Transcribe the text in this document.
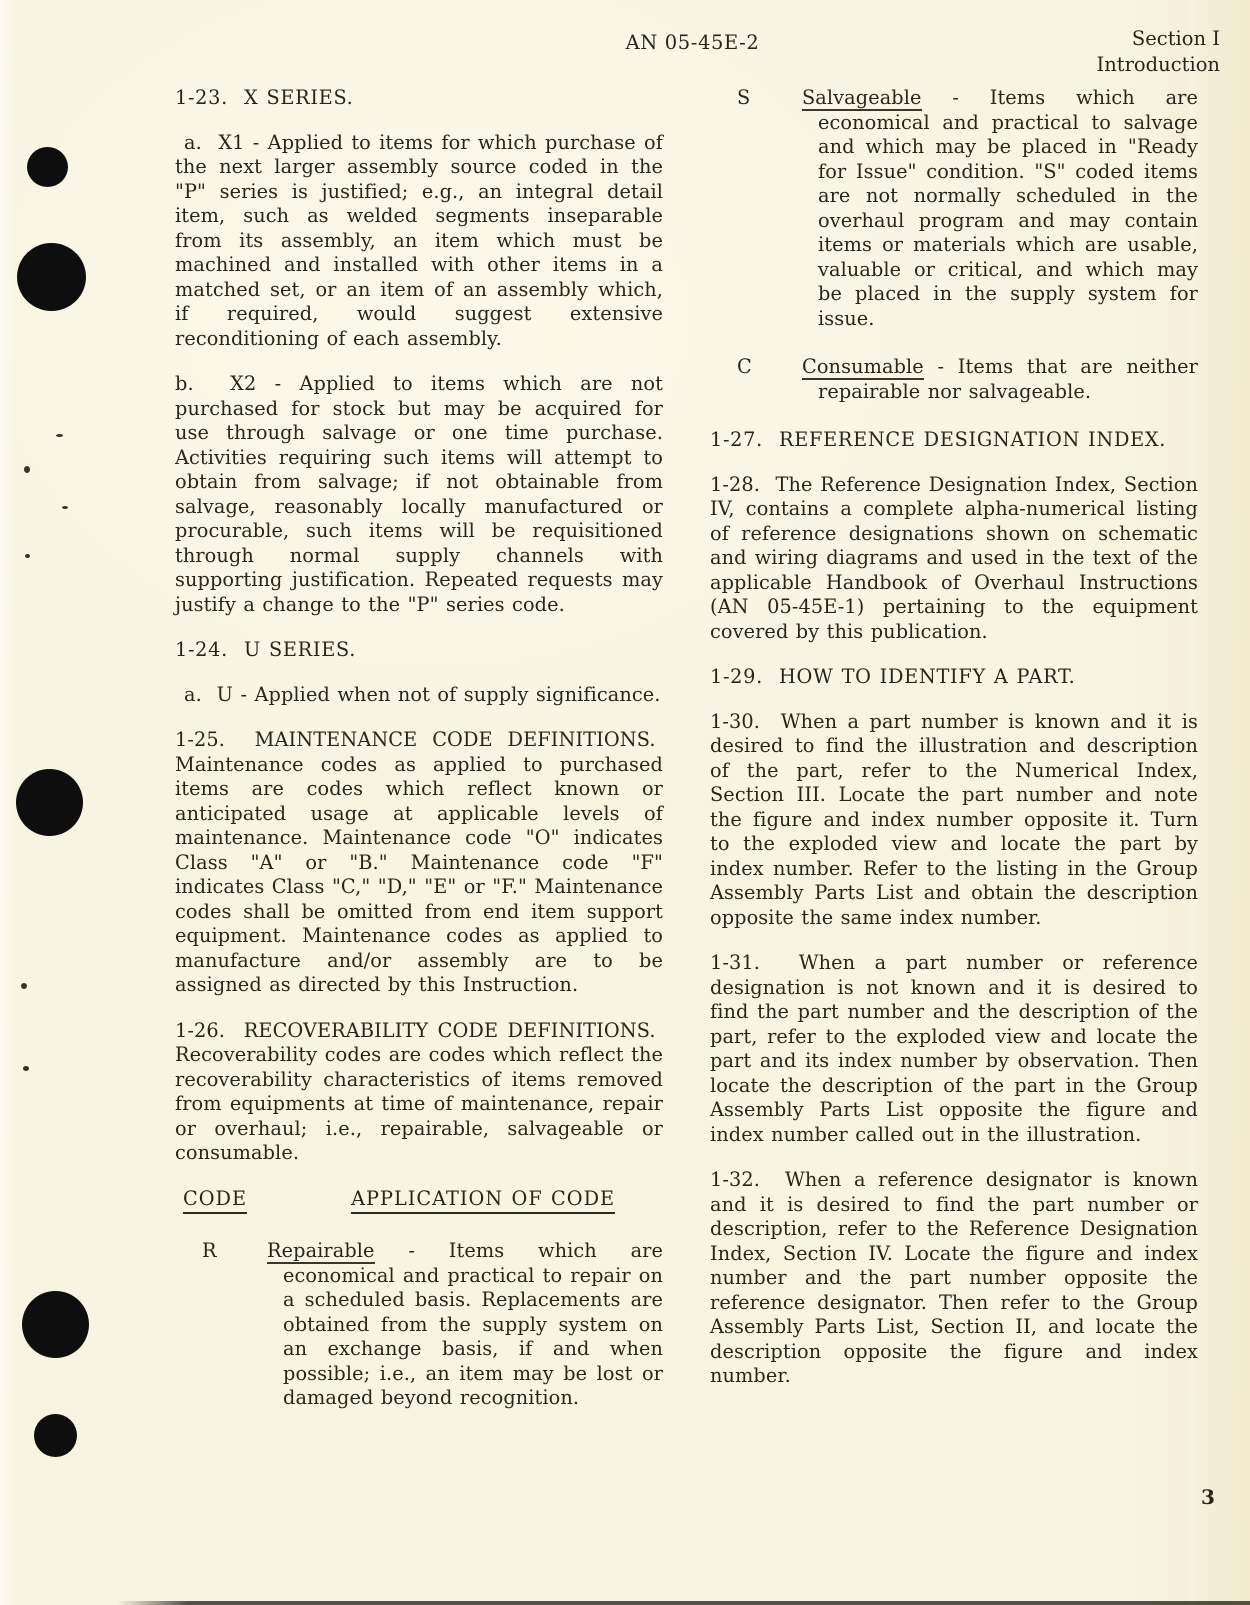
AN 05-45E-2	Section I
Introduction
1-23.  X SERIES.

a.  X1 - Applied to items for which purchase of the next larger assembly source coded in the "P" series is justified; e.g., an integral detail item, such as welded segments inseparable from its assembly, an item which must be machined and installed with other items in a matched set, or an item of an assembly which, if required, would suggest extensive reconditioning of each assembly.

b.  X2 - Applied to items which are not purchased for stock but may be acquired for use through salvage or one time purchase. Activities requiring such items will attempt to obtain from salvage; if not obtainable from salvage, reasonably locally manufactured or procurable, such items will be requisitioned through normal supply channels with supporting justification. Repeated requests may justify a change to the "P" series code.

1-24.  U SERIES.

a.  U - Applied when not of supply significance.

1-25.  MAINTENANCE CODE DEFINITIONS.  Maintenance codes as applied to purchased items are codes which reflect known or anticipated usage at applicable levels of maintenance. Maintenance code "O" indicates Class "A" or "B." Maintenance code "F" indicates Class "C," "D," "E" or "F." Maintenance codes shall be omitted from end item support equipment. Maintenance codes as applied to manufacture and/or assembly are to be assigned as directed by this Instruction.

1-26.  RECOVERABILITY CODE DEFINITIONS.  Recoverability codes are codes which reflect the recoverability characteristics of items removed from equipments at time of maintenance, repair or overhaul; i.e., repairable, salvageable or consumable.

CODE	APPLICATION OF CODE
R	Repairable - Items which are economical and practical to repair on a scheduled basis. Replacements are obtained from the supply system on an exchange basis, if and when possible; i.e., an item may be lost or damaged beyond recognition.
S	Salvageable - Items which are economical and practical to salvage and which may be placed in "Ready for Issue" condition. "S" coded items are not normally scheduled in the overhaul program and may contain items or materials which are usable, valuable or critical, and which may be placed in the supply system for issue.
C	Consumable - Items that are neither repairable nor salvageable.
1-27.  REFERENCE DESIGNATION INDEX.

1-28.  The Reference Designation Index, Section IV, contains a complete alpha-numerical listing of reference designations shown on schematic and wiring diagrams and used in the text of the applicable Handbook of Overhaul Instructions (AN 05-45E-1) pertaining to the equipment covered by this publication.

1-29.  HOW TO IDENTIFY A PART.

1-30.  When a part number is known and it is desired to find the illustration and description of the part, refer to the Numerical Index, Section III. Locate the part number and note the figure and index number opposite it. Turn to the exploded view and locate the part by index number. Refer to the listing in the Group Assembly Parts List and obtain the description opposite the same index number.

1-31.  When a part number or reference designation is not known and it is desired to find the part number and the description of the part, refer to the exploded view and locate the part and its index number by observation. Then locate the description of the part in the Group Assembly Parts List opposite the figure and index number called out in the illustration.

1-32.  When a reference designator is known and it is desired to find the part number or description, refer to the Reference Designation Index, Section IV. Locate the figure and index number and the part number opposite the reference designator. Then refer to the Group Assembly Parts List, Section II, and locate the description opposite the figure and index number.

3
